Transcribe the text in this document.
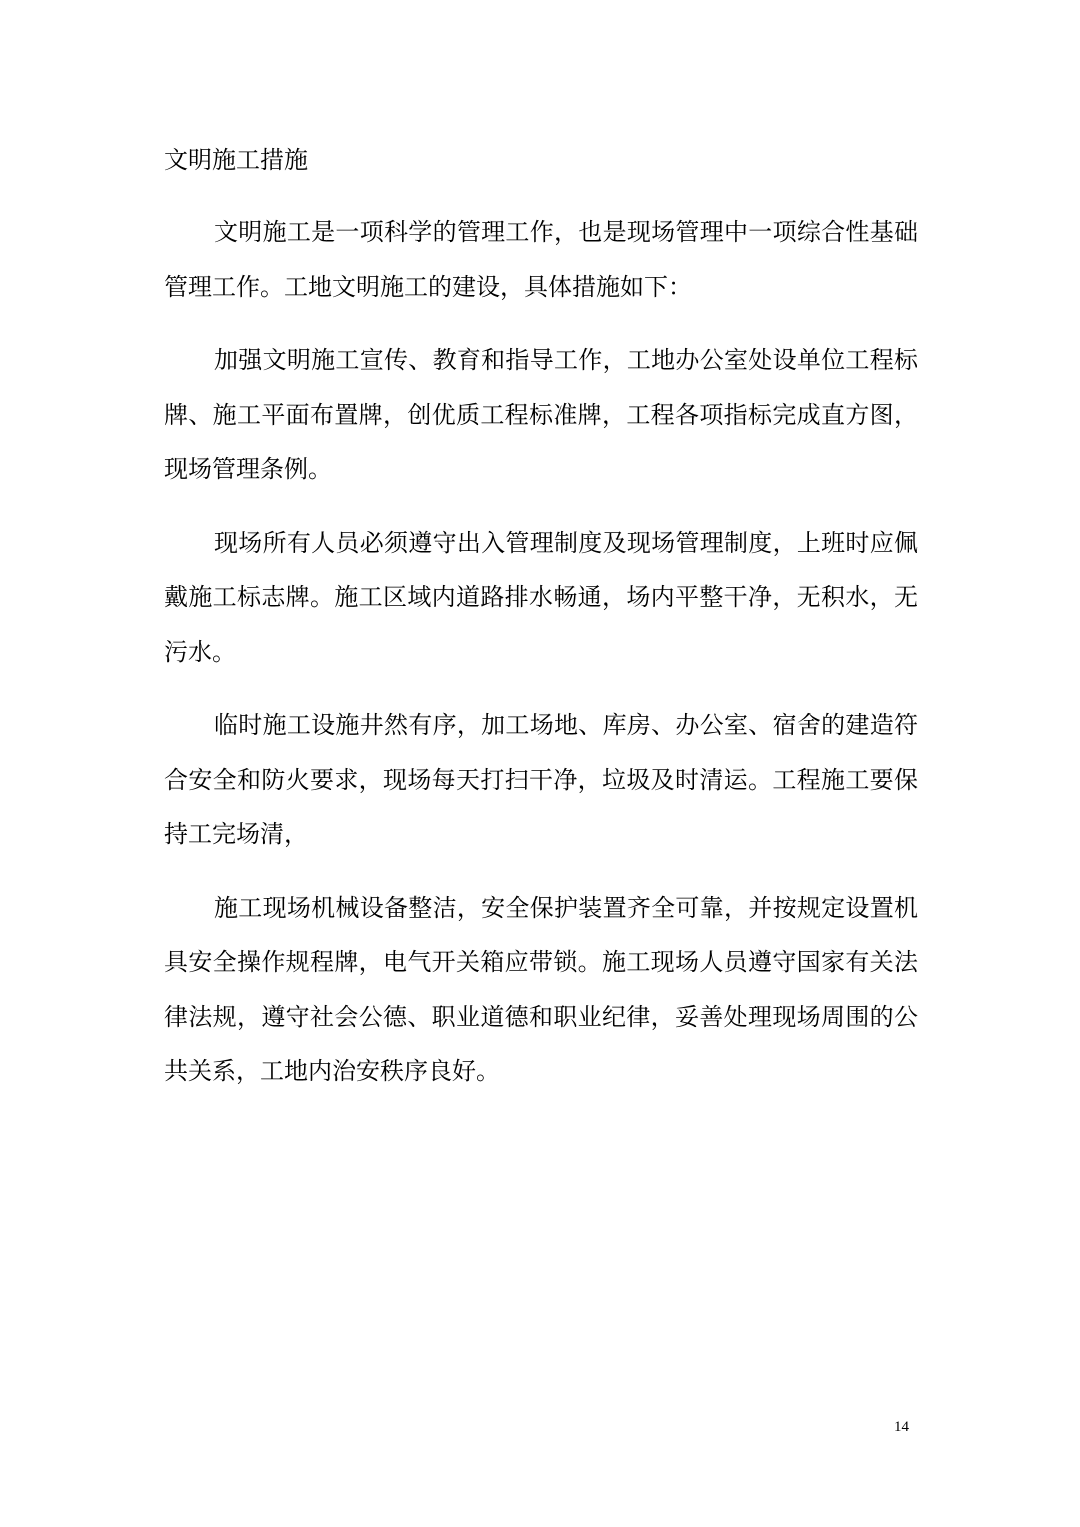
文明施工措施

文明施工是一项科学的管理工作，也是现场管理中一项综合性基础管理工作。工地文明施工的建设，具体措施如下：

加强文明施工宣传、教育和指导工作，工地办公室处设单位工程标牌、施工平面布置牌，创优质工程标准牌，工程各项指标完成直方图，现场管理条例。

现场所有人员必须遵守出入管理制度及现场管理制度，上班时应佩戴施工标志牌。施工区域内道路排水畅通，场内平整干净，无积水，无污水。

临时施工设施井然有序，加工场地、库房、办公室、宿舍的建造符合安全和防火要求，现场每天打扫干净，垃圾及时清运。工程施工要保持工完场清，

施工现场机械设备整洁，安全保护装置齐全可靠，并按规定设置机具安全操作规程牌，电气开关箱应带锁。施工现场人员遵守国家有关法律法规，遵守社会公德、职业道德和职业纪律，妥善处理现场周围的公共关系，工地内治安秩序良好。

14
